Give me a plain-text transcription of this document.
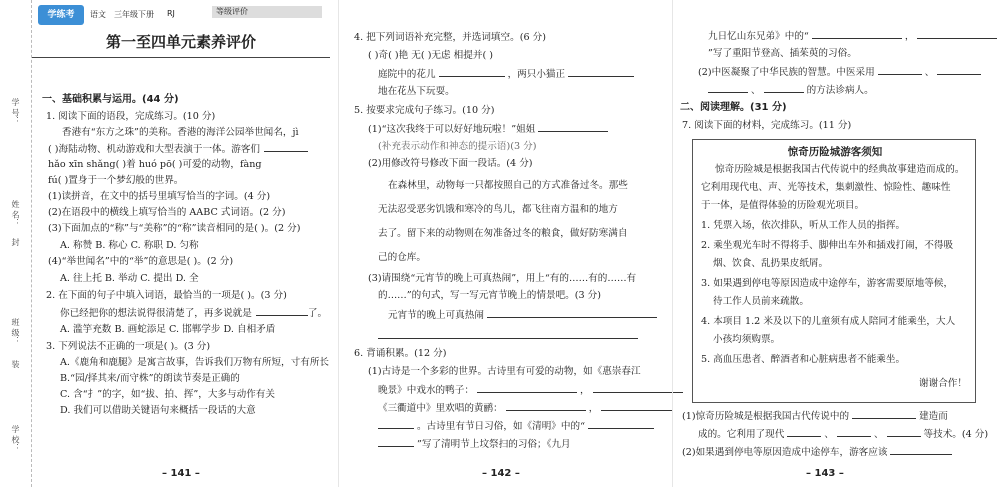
学 号：
姓 名：
封
班 级：
装
学 校：
学练考	语文 三年级下册 RJ	等级评价
第一至四单元素养评价
一、基础积累与运用。(44 分)
1. 阅读下面的语段，完成练习。(10 分)
香港有“东方之珠”的美称。香港的海洋公园举世闻名，jì
( )海陆动物、机动游戏和大型表演于一体。游客们
hǎo xīn shǎng( )着 huó pō( )可爱的动物，fàng
fú( )置身于一个梦幻般的世界。
(1)读拼音，在文中的括号里填写恰当的字词。(4 分)
(2)在语段中的横线上填写恰当的 AABC 式词语。(2 分)
(3)下面加点的“称”与“美称”的“称”读音相同的是( )。(2 分)
A. 称赞 B. 称心 C. 称职 D. 匀称
(4)“举世闻名”中的“举”的意思是( )。(2 分)
A. 往上托 B. 举动 C. 提出 D. 全
2. 在下面的句子中填入词语，最恰当的一项是( )。(3 分)
你已经把你的想法说得很清楚了，再多说就是	了。
A. 滥竽充数 B. 画蛇添足 C. 邯郸学步 D. 自相矛盾
3. 下列说法不正确的一项是( )。(3 分)
A.《鹿角和鹿腿》是寓言故事，告诉我们万物有所短，寸有所长
B.“园/择其来/而守株”的朗读节奏是正确的
C. 含“扌”的字，如“拔、拍、挥”，大多与动作有关
D. 我们可以借助关键语句来概括一段话的大意
– 141 –
4. 把下列词语补充完整，并选词填空。(6 分)
( )奇( )艳 无( )无虑 相提并( )
庭院中的花儿	，两只小猫正
地在花丛下玩耍。
5. 按要求完成句子练习。(10 分)
(1)“这次我终于可以好好地玩啦！”姐姐
(补充表示动作和神态的提示语)(3 分)
(2)用修改符号修改下面一段话。(4 分)
在森林里，动物每一只都按照自己的方式准备过冬。那些
无法忍受恶劣饥饿和寒冷的鸟儿，都飞往南方温和的地方
去了。留下来的动物则在匆准备过冬的粮食，做好防寒满自
己的仓库。
(3)请围绕“元宵节的晚上可真热闹”，用上“有的……有的……有
的……”的句式，写一写元宵节晚上的情景吧。(3 分)
元宵节的晚上可真热闹
6. 背诵积累。(12 分)
(1)古诗是一个多彩的世界。古诗里有可爱的动物，如《惠崇春江
晚景》中戏水的鸭子：	，
《三衢道中》里欢唱的黄鹂：	，
。古诗里有节日习俗，如《清明》中的“
”写了清明节上坟祭扫的习俗；《九月
– 142 –
九日忆山东兄弟》中的“	，
”写了重阳节登高、插茱萸的习俗。
(2)中医凝聚了中华民族的智慧。中医采用	、
、	的方法诊病人。
二、阅读理解。(31 分)
7. 阅读下面的材料，完成练习。(11 分)
惊奇历险城游客须知
惊奇历险城是根据我国古代传说中的经典故事建造而成的。
它利用现代电、声、光等技术，集刺激性、惊险性、趣味性
于一体，是值得体验的历险观光项目。
1. 凭票入场，依次排队，听从工作人员的指挥。
2. 乘坐观光车时不得将手、脚伸出车外和插戏打闹，不得吸
烟、饮食、乱扔果皮纸屑。
3. 如果遇到停电等原因造成中途停车，游客需要原地等候，
待工作人员前来疏散。
4. 本项目 1.2 米及以下的儿童须有成人陪同才能乘坐，大人
小孩均须购票。
5. 高血压患者、醉酒者和心脏病患者不能乘坐。
谢谢合作！
(1)惊奇历险城是根据我国古代传说中的	建造而
成的。它利用了现代	、	、	等技术。(4 分)
(2)如果遇到停电等原因造成中途停车，游客应该
– 143 –
